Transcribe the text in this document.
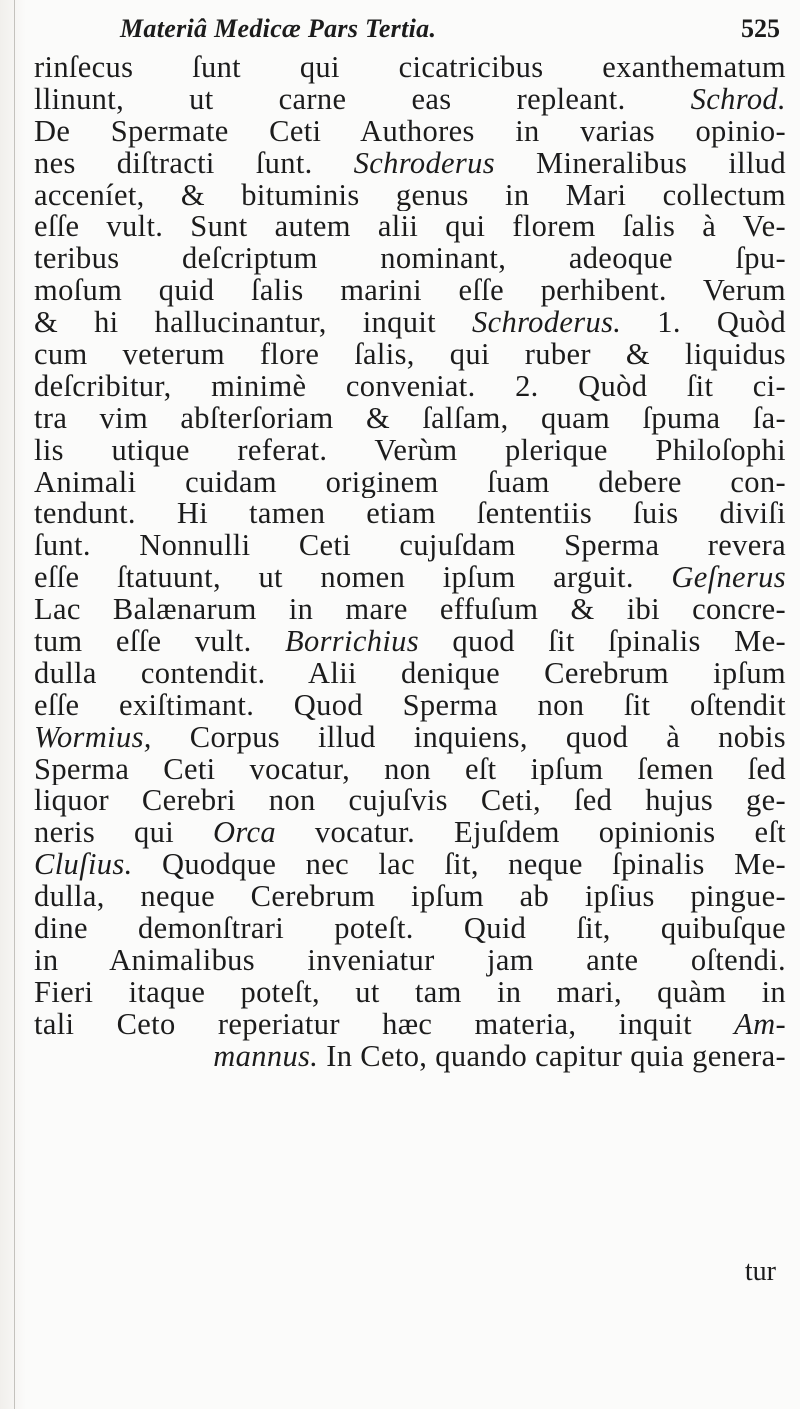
Materiâ Medicæ Pars Tertia.	525
rinſecus ſunt qui cicatricibus exanthematum
llinunt, ut carne eas repleant. Schrod.
De Spermate Ceti Authores in varias opinio-
nes diſtracti ſunt. Schroderus Mineralibus illud
acceníet, & bituminis genus in Mari collectum
eſſe vult. Sunt autem alii qui florem ſalis à Ve-
teribus deſcriptum nominant, adeoque ſpu-
moſum quid ſalis marini eſſe perhibent. Verum
& hi hallucinantur, inquit Schroderus. 1. Quòd
cum veterum flore ſalis, qui ruber & liquidus
deſcribitur, minimè conveniat. 2. Quòd ſit ci-
tra vim abſterſoriam & ſalſam, quam ſpuma ſa-
lis utique referat. Verùm plerique Philoſophi
Animali cuidam originem ſuam debere con-
tendunt. Hi tamen etiam ſententiis ſuis diviſi
ſunt. Nonnulli Ceti cujuſdam Sperma revera
eſſe ſtatuunt, ut nomen ipſum arguit. Geſnerus
Lac Balænarum in mare effuſum & ibi concre-
tum eſſe vult. Borrichius quod ſit ſpinalis Me-
dulla contendit. Alii denique Cerebrum ipſum
eſſe exiſtimant. Quod Sperma non ſit oſtendit
Wormius, Corpus illud inquiens, quod à nobis
Sperma Ceti vocatur, non eſt ipſum ſemen ſed
liquor Cerebri non cujuſvis Ceti, ſed hujus ge-
neris qui Orca vocatur. Ejuſdem opinionis eſt
Cluſius. Quodque nec lac ſit, neque ſpinalis Me-
dulla, neque Cerebrum ipſum ab ipſius pingue-
dine demonſtrari poteſt. Quid ſit, quibuſque
in Animalibus inveniatur jam ante oſtendi.
Fieri itaque poteſt, ut tam in mari, quàm in
tali Ceto reperiatur hæc materia, inquit Am-
mannus. In Ceto, quando capitur quia genera-
tur
